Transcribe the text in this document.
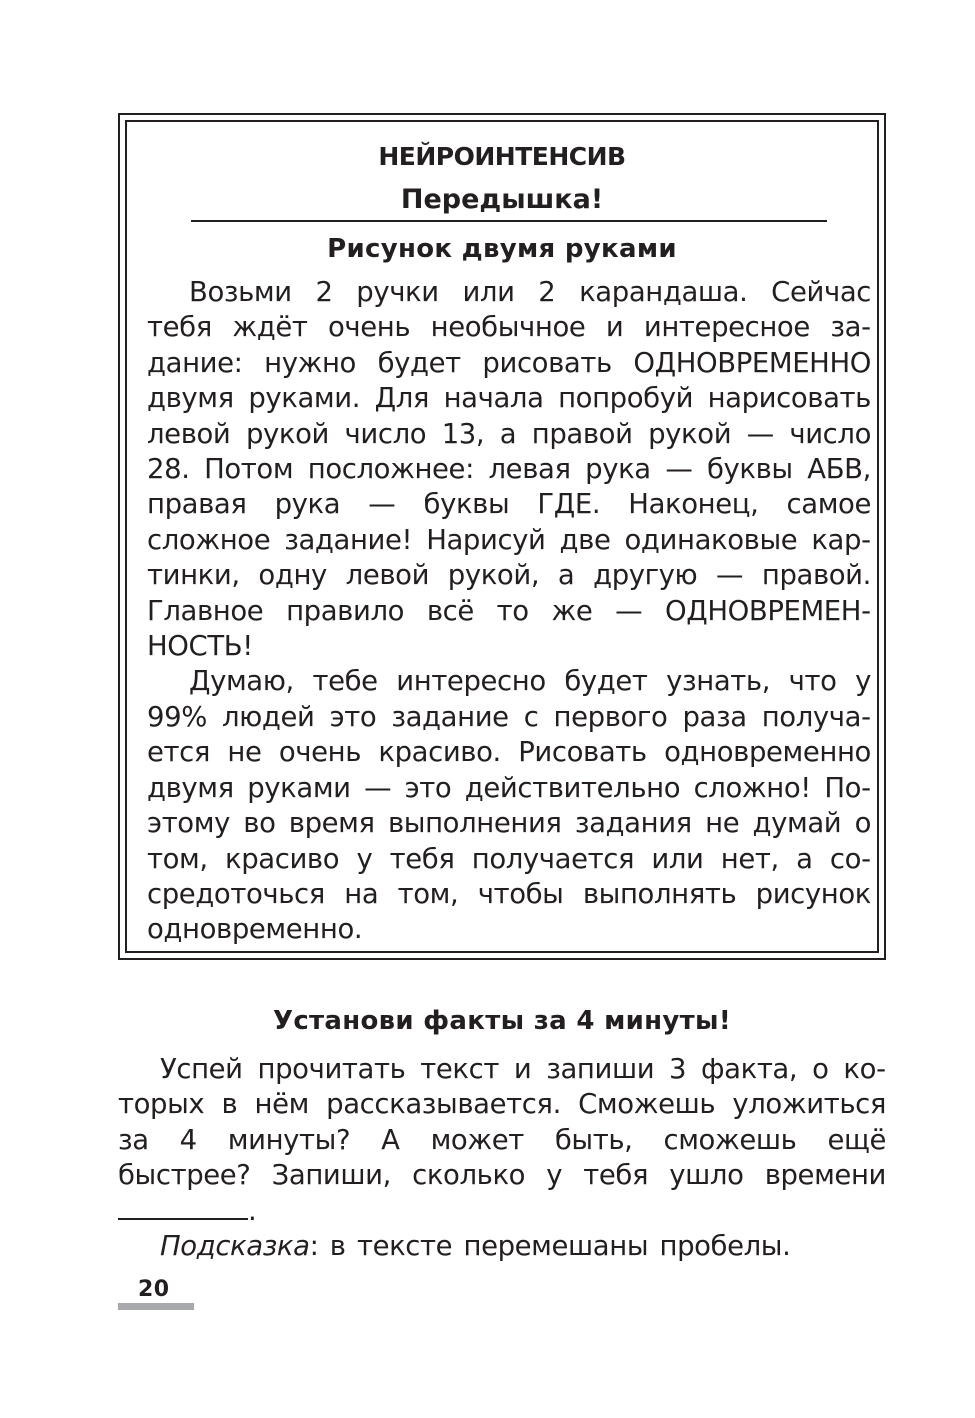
НЕЙРОИНТЕНСИВ
Передышка!
Рисунок двумя руками

Возьми 2 ручки или 2 карандаша. Сейчас тебя ждёт очень необычное и интересное задание: нужно будет рисовать ОДНОВРЕМЕННО двумя руками. Для начала попробуй нарисовать левой рукой число 13, а правой рукой — число 28. Потом посложнее: левая рука — буквы АБВ, правая рука — буквы ГДЕ. Наконец, самое сложное задание! Нарисуй две одинаковые картинки, одну левой рукой, а другую — правой. Главное правило всё то же — ОДНОВРЕМЕННОСТЬ!

Думаю, тебе интересно будет узнать, что у 99% людей это задание с первого раза получается не очень красиво. Рисовать одновременно двумя руками — это действительно сложно! Поэтому во время выполнения задания не думай о том, красиво у тебя получается или нет, а сосредоточься на том, чтобы выполнять рисунок одновременно.

Установи факты за 4 минуты!

Успей прочитать текст и запиши 3 факта, о которых в нём рассказывается. Сможешь уложиться за 4 минуты? А может быть, сможешь ещё быстрее? Запиши, сколько у тебя ушло времени .

Подсказка: в тексте перемешаны пробелы.

20
